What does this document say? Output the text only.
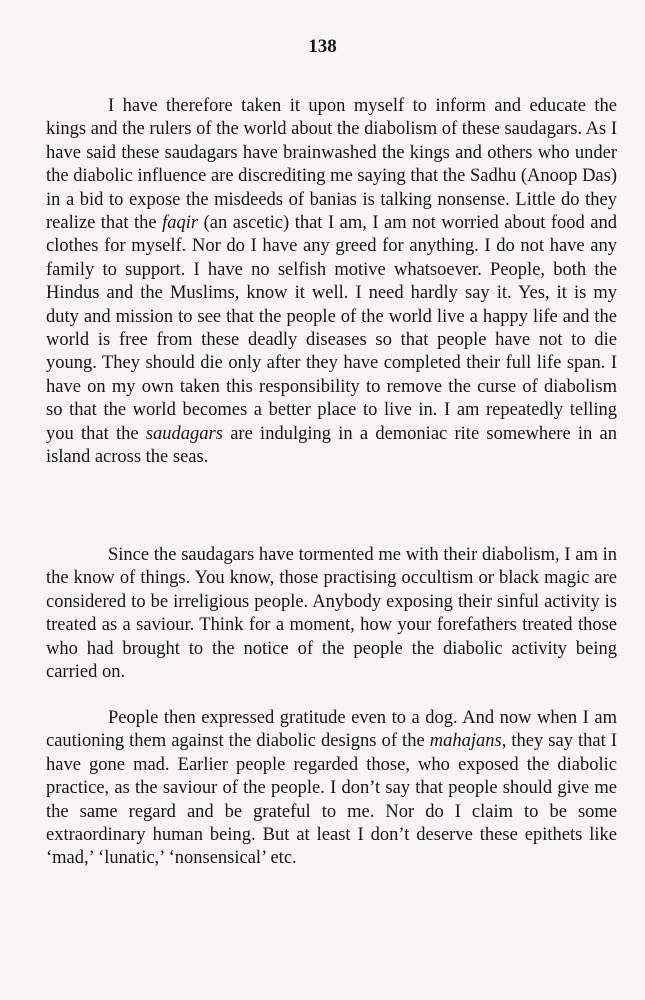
138

I have therefore taken it upon myself to inform and educate the kings and the rulers of the world about the diabolism of these saudagars. As I have said these saudagars have brainwashed the kings and others who under the diabolic influence are discrediting me saying that the Sadhu (Anoop Das) in a bid to expose the misdeeds of banias is talking nonsense. Little do they realize that the faqir (an ascetic) that I am, I am not worried about food and clothes for myself. Nor do I have any greed for anything. I do not have any family to support. I have no selfish motive whatsoever. People, both the Hindus and the Muslims, know it well. I need hardly say it. Yes, it is my duty and mission to see that the people of the world live a happy life and the world is free from these deadly diseases so that people have not to die young. They should die only after they have completed their full life span. I have on my own taken this responsibility to remove the curse of diabolism so that the world becomes a better place to live in. I am repeatedly telling you that the saudagars are indulging in a demoniac rite somewhere in an island across the seas.

Since the saudagars have tormented me with their diabolism, I am in the know of things. You know, those practising occultism or black magic are considered to be irreligious people. Anybody exposing their sinful activity is treated as a saviour. Think for a moment, how your forefathers treated those who had brought to the notice of the people the diabolic activity being carried on.

People then expressed gratitude even to a dog. And now when I am cautioning them against the diabolic designs of the mahajans, they say that I have gone mad. Earlier people regarded those, who exposed the diabolic practice, as the saviour of the people. I don’t say that people should give me the same regard and be grateful to me. Nor do I claim to be some extraordinary human being. But at least I don’t deserve these epithets like ‘mad,’ ‘lunatic,’ ‘nonsensical’ etc.
